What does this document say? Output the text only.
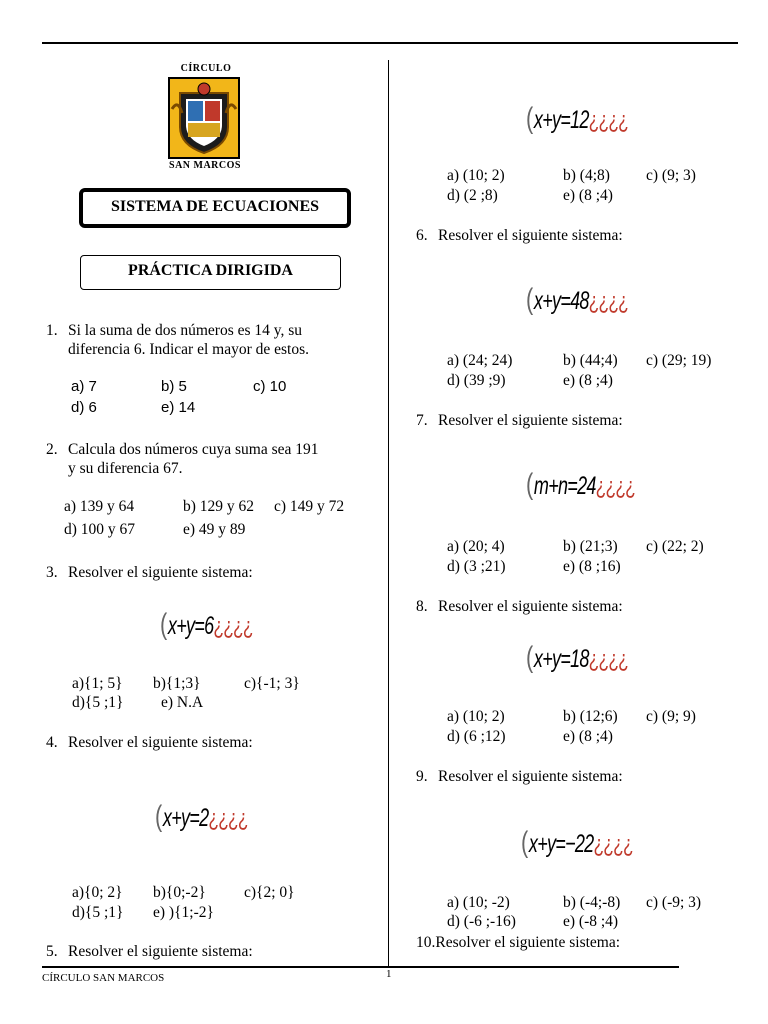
CÍRCULO
SAN MARCOS
SISTEMA DE ECUACIONES
PRÁCTICA DIRIGIDA
1. Si la suma de dos números es 14 y, su
diferencia 6. Indicar el mayor de estos.
a) 7	b) 5	c) 10
d) 6	e) 14
2. Calcula dos números cuya suma sea 191
y su diferencia 67.
a) 139 y 64	b) 129 y 62 c) 149 y 72
d) 100 y 67	e) 49 y 89
3. Resolver el siguiente sistema:
(x+y=6¿¿¿¿
a){1; 5} b){1;3}	c){-1; 3}
d){5 ;1} e) N.A
4. Resolver el siguiente sistema:
(x+y=2¿¿¿¿
a){0; 2} b){0;-2} c){2; 0}
d){5 ;1} e) ){1;-2}
5. Resolver el siguiente sistema:
(x+y=12¿¿¿¿
a) (10; 2)	b) (4;8) c) (9; 3)
d) (2 ;8)	e) (8 ;4)
6. Resolver el siguiente sistema:
(x+y=48¿¿¿¿
a) (24; 24)	b) (44;4) c) (29; 19)
d) (39 ;9)	e) (8 ;4)
7. Resolver el siguiente sistema:
(m+n=24¿¿¿¿
a) (20; 4)	b) (21;3) c) (22; 2)
d) (3 ;21)	e) (8 ;16)
8. Resolver el siguiente sistema:
(x+y=18¿¿¿¿
a) (10; 2)	b) (12;6) c) (9; 9)
d) (6 ;12)	e) (8 ;4)
9. Resolver el siguiente sistema:
(x+y=−22¿¿¿¿
a) (10; -2)	b) (-4;-8) c) (-9; 3)
d) (-6 ;-16)	e) (-8 ;4)
10.Resolver el siguiente sistema:
CÍRCULO SAN MARCOS	1
